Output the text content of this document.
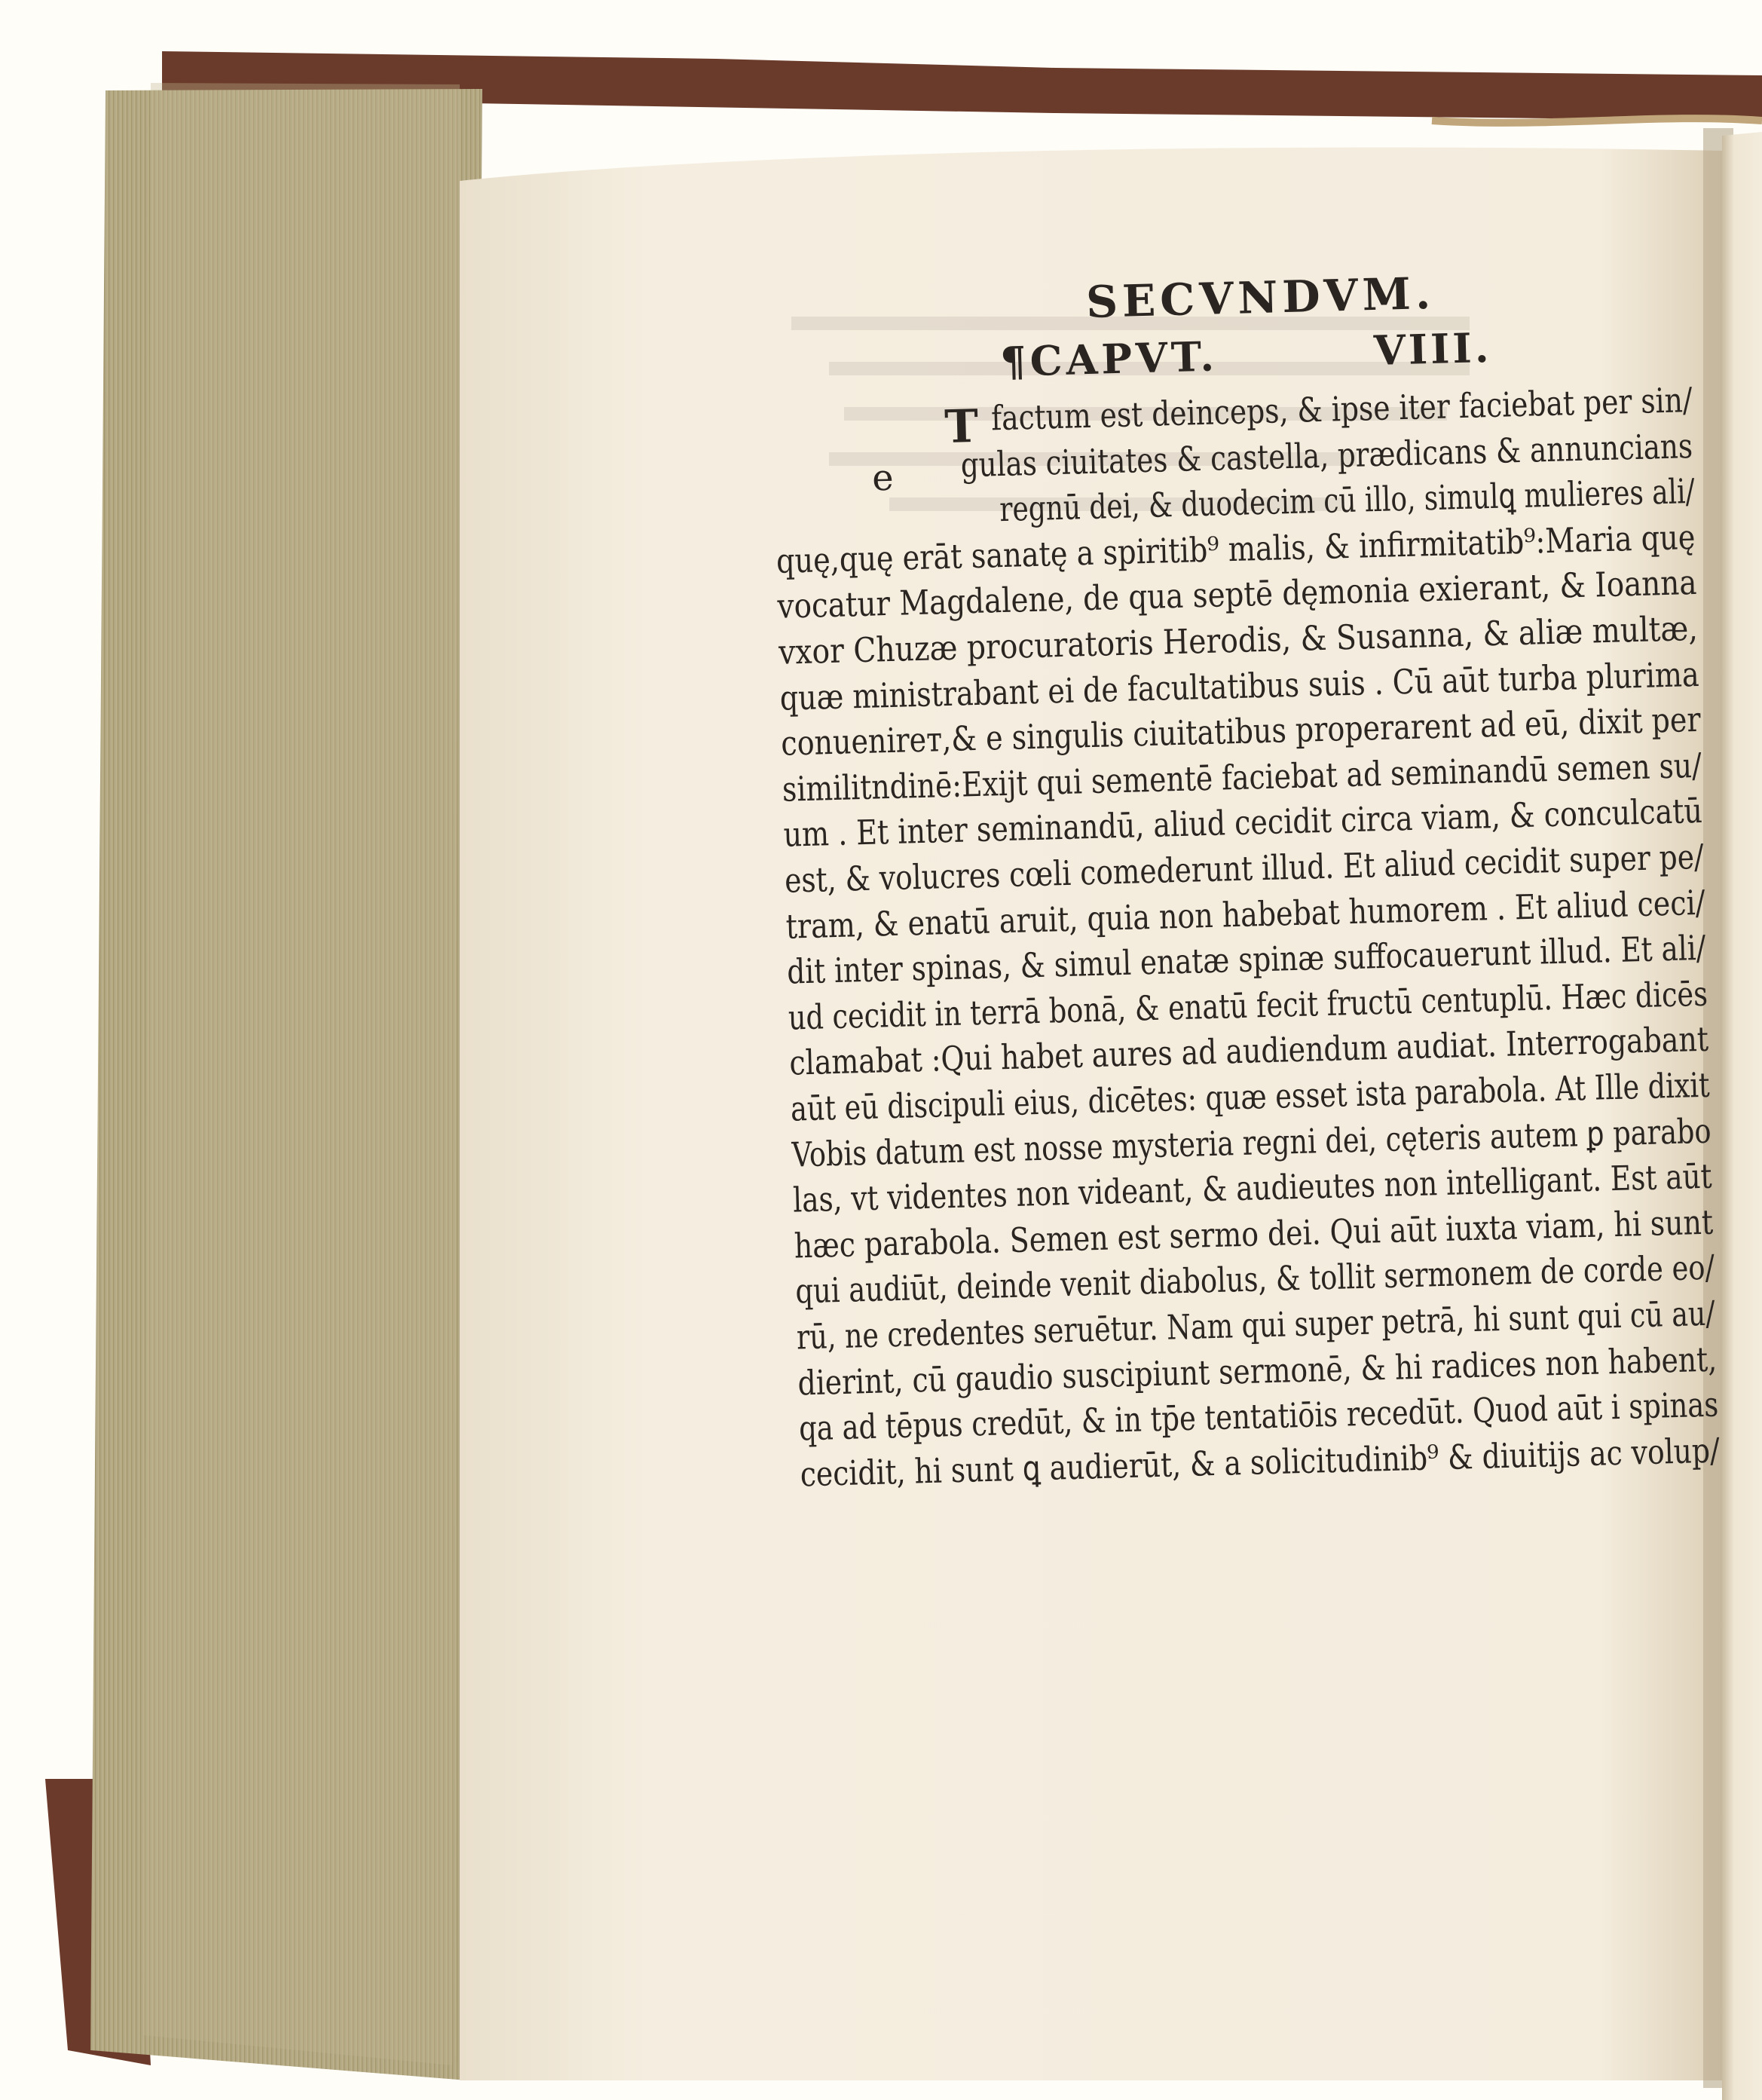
SECVNDVM.
¶CAPVT.	VIII.
e
T factum est deinceps, & ipse iter faciebat per sin/
gulas ciuitates & castella, prædicans & annuncians
regnū dei, & duodecim cū illo, simulꝗ mulieres ali/
quę,quę erāt sanatę a spiritib⁹ malis, & infirmitatib⁹:Maria quę
vocatur Magdalene, de qua septē dęmonia exierant, & Ioanna
vxor Chuzæ procuratoris Herodis, & Susanna, & aliæ multæ,
quæ ministrabant ei de facultatibus suis . Cū aūt turba plurima
conuenirет,& e singulis ciuitatibus properarent ad eū, dixit per
similitndinē:Exijt qui sementē faciebat ad seminandū semen su/
um . Et inter seminandū, aliud cecidit circa viam, & conculcatū
est, & volucres cœli comederunt illud. Et aliud cecidit super pe/
tram, & enatū aruit, quia non habebat humorem . Et aliud ceci/
dit inter spinas, & simul enatæ spinæ suffocauerunt illud. Et ali/
ud cecidit in terrā bonā, & enatū fecit fructū centuplū. Hæc dicēs
clamabat :Qui habet aures ad audiendum audiat. Interrogabant
aūt eū discipuli eius, dicētes: quæ esset ista parabola. At Ille dixit
Vobis datum est nosse mysteria regni dei, cęteris autem ꝑ parabo
las, vt videntes non videant, & audieutes non intelligant. Est aūt
hæc parabola. Semen est sermo dei. Qui aūt iuxta viam, hi sunt
qui audiūt, deinde venit diabolus, & tollit sermonem de corde eo/
rū, ne credentes seruētur. Nam qui super petrā, hi sunt qui cū au/
dierint, cū gaudio suscipiunt sermonē, & hi radices non habent,
qa ad tēpus credūt, & in tp̄e tentatiōis recedūt. Quod aūt i spinas
cecidit, hi sunt ꝗ audierūt, & a solicitudinib⁹ & diuitijs ac volup/
